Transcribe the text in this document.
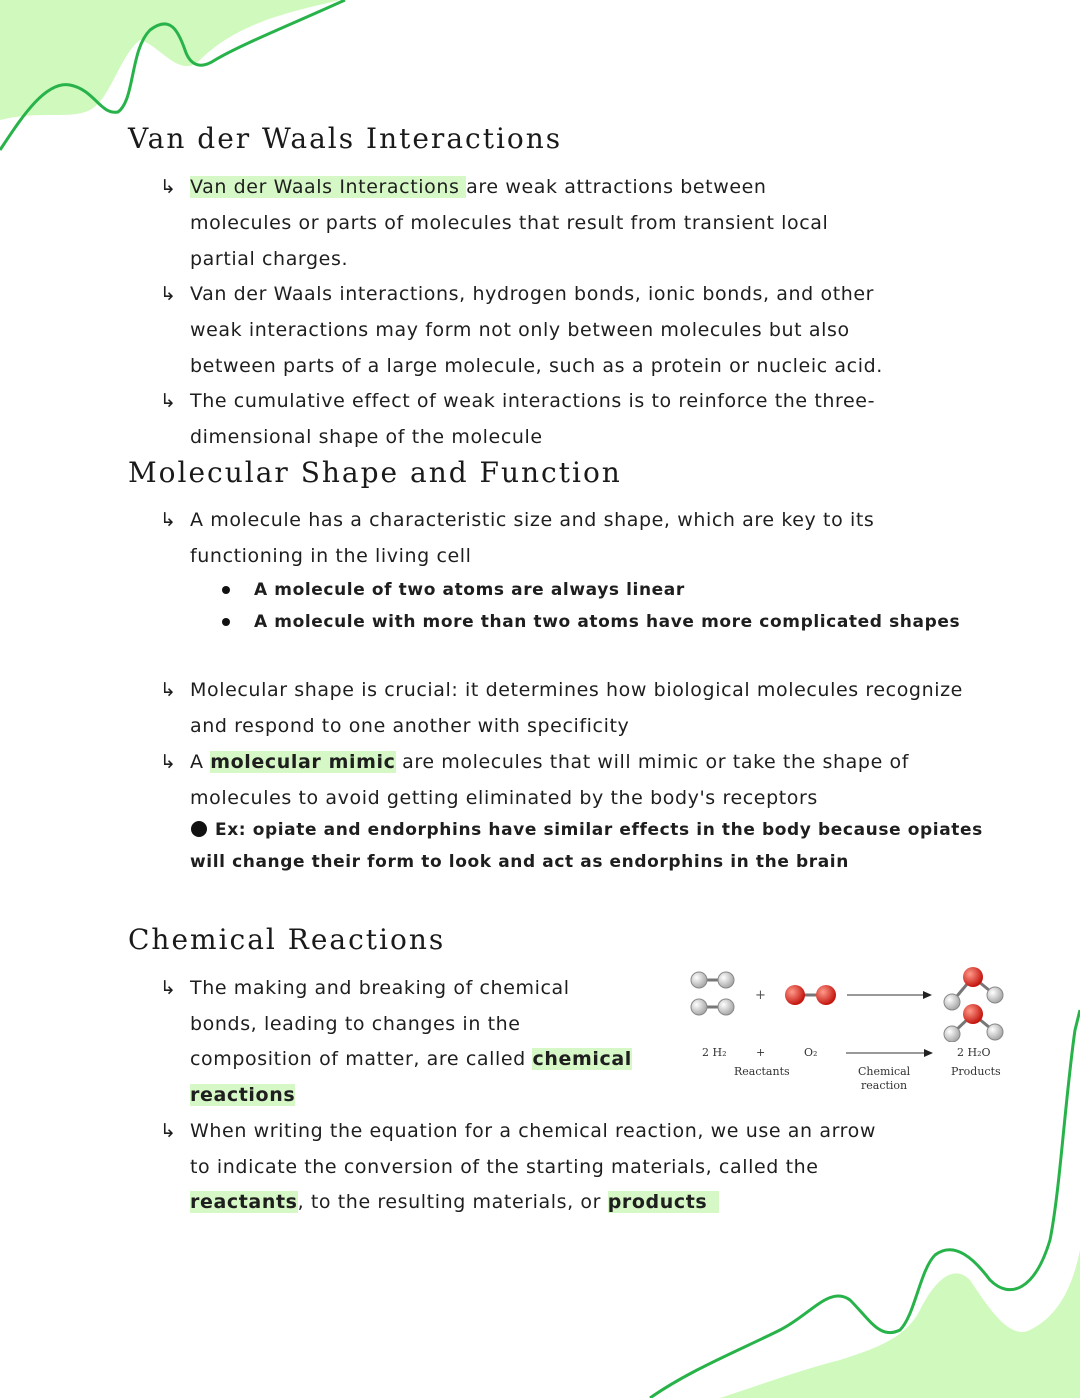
Van der Waals Interactions
↳ Van der Waals Interactions are weak attractions between
molecules or parts of molecules that result from transient local
partial charges.
↳ Van der Waals interactions, hydrogen bonds, ionic bonds, and other
weak interactions may form not only between molecules but also
between parts of a large molecule, such as a protein or nucleic acid.
↳ The cumulative effect of weak interactions is to reinforce the three-
dimensional shape of the molecule
Molecular Shape and Function
↳ A molecule has a characteristic size and shape, which are key to its
functioning in the living cell
A molecule of two atoms are always linear
A molecule with more than two atoms have more complicated shapes
↳ Molecular shape is crucial: it determines how biological molecules recognize
and respond to one another with specificity
↳ A molecular mimic are molecules that will mimic or take the shape of
molecules to avoid getting eliminated by the body's receptors
Ex: opiate and endorphins have similar effects in the body because opiates
will change their form to look and act as endorphins in the brain
Chemical Reactions
↳ The making and breaking of chemical
bonds, leading to changes in the
composition of matter, are called chemical
reactions
↳ When writing the equation for a chemical reaction, we use an arrow
to indicate the conversion of the starting materials, called the
reactants, to the resulting materials, or products
+
2 H₂	+	O₂	2 H₂O
Reactants	Chemical
reaction
Products
